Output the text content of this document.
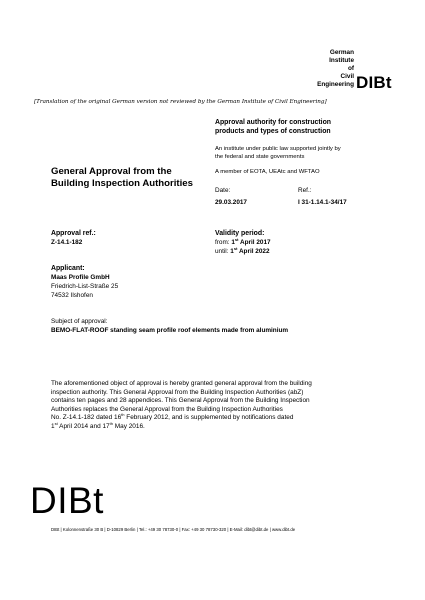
German
Institute
of
Civil
Engineering DIBt
[Translation of the original German version not reviewed by the German Institute of Civil Engineering]
Approval authority for construction
products and types of construction
An institute under public law supported jointly by
the federal and state governments
A member of EOTA, UEAtc and WFTAO
General Approval from the
Building Inspection Authorities
Date:	Ref.:
29.03.2017	I 31-1.14.1-34/17
Approval ref.:
Z-14.1-182
Validity period:
from: 1st April 2017
until: 1st April 2022
Applicant:
Maas Profile GmbH
Friedrich-List-Straße 25
74532 Ilshofen
Subject of approval:
BEMO-FLAT-ROOF standing seam profile roof elements made from aluminium
The aforementioned object of approval is hereby granted general approval from the building
inspection authority. This General Approval from the Building Inspection Authorities (abZ)
contains ten pages and 28 appendices. This General Approval from the Building Inspection
Authorities replaces the General Approval from the Building Inspection Authorities
No. Z-14.1-182 dated 16th February 2012, and is supplemented by notifications dated
1st April 2014 and 17th May 2016.
DIBt
DIBt | Kolonnenstraße 30 B | D-10829 Berlin | Tel.: +49 30 78730-0 | Fax: +49 30 78730-320 | E-Mail: dibt@dibt.de | www.dibt.de
